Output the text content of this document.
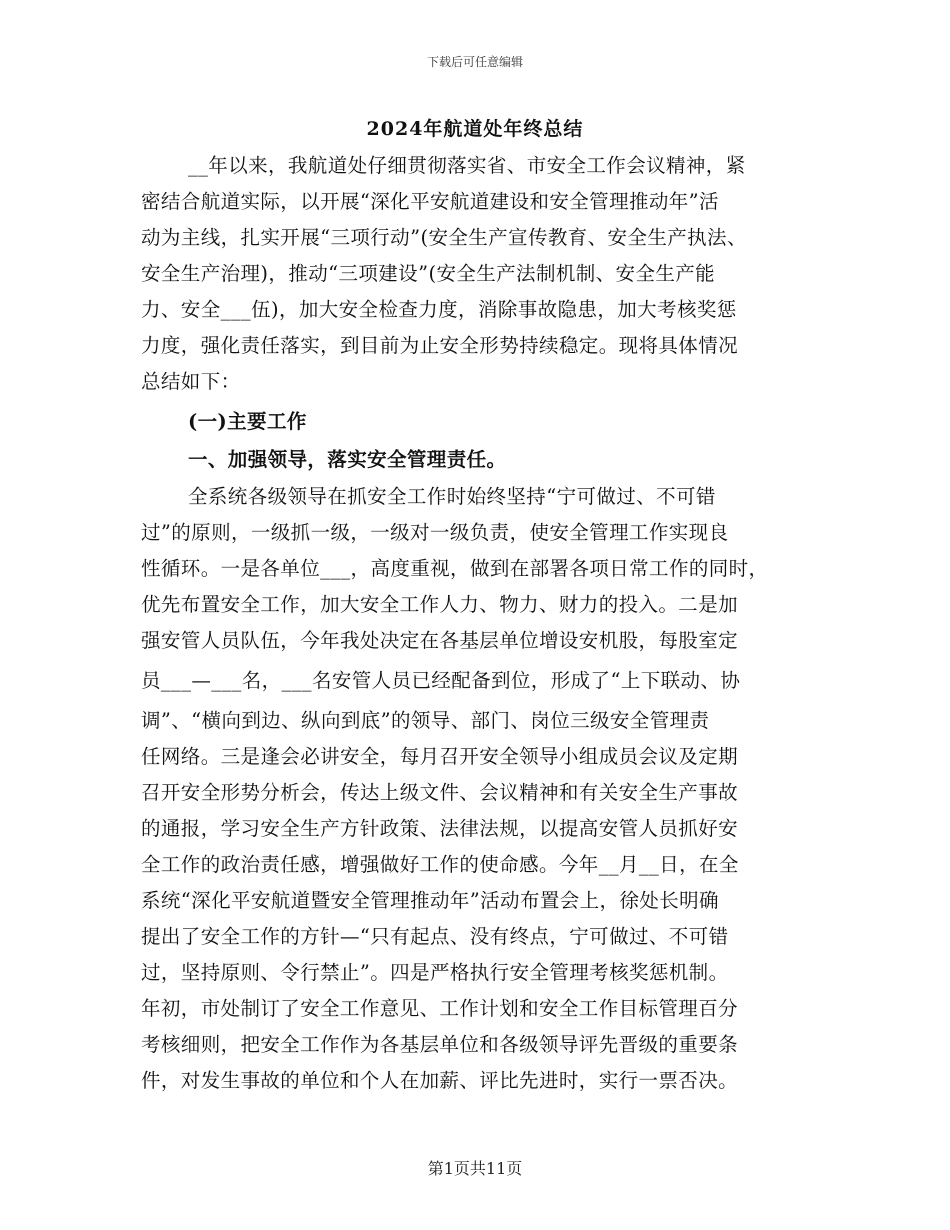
下载后可任意编辑
2024年航道处年终总结
__年以来，我航道处仔细贯彻落实省、市安全工作会议精神，紧
密结合航道实际，以开展“深化平安航道建设和安全管理推动年”活
动为主线，扎实开展“三项行动”(安全生产宣传教育、安全生产执法、
安全生产治理)，推动“三项建设”(安全生产法制机制、安全生产能
力、安全___伍)，加大安全检查力度，消除事故隐患，加大考核奖惩
力度，强化责任落实，到目前为止安全形势持续稳定。现将具体情况
总结如下：
(一)主要工作
一、加强领导，落实安全管理责任。
全系统各级领导在抓安全工作时始终坚持“宁可做过、不可错
过”的原则，一级抓一级，一级对一级负责，使安全管理工作实现良
性循环。一是各单位___，高度重视，做到在部署各项日常工作的同时，
优先布置安全工作，加大安全工作人力、物力、财力的投入。二是加
强安管人员队伍，今年我处决定在各基层单位增设安机股，每股室定
员___—___名，___名安管人员已经配备到位，形成了“上下联动、协
调”、“横向到边、纵向到底”的领导、部门、岗位三级安全管理责
任网络。三是逢会必讲安全，每月召开安全领导小组成员会议及定期
召开安全形势分析会，传达上级文件、会议精神和有关安全生产事故
的通报，学习安全生产方针政策、法律法规，以提高安管人员抓好安
全工作的政治责任感，增强做好工作的使命感。今年__月__日，在全
系统“深化平安航道暨安全管理推动年”活动布置会上，徐处长明确
提出了安全工作的方针—“只有起点、没有终点，宁可做过、不可错
过，坚持原则、令行禁止”。四是严格执行安全管理考核奖惩机制。
年初，市处制订了安全工作意见、工作计划和安全工作目标管理百分
考核细则，把安全工作作为各基层单位和各级领导评先晋级的重要条
件，对发生事故的单位和个人在加薪、评比先进时，实行一票否决。
第1页共11页
